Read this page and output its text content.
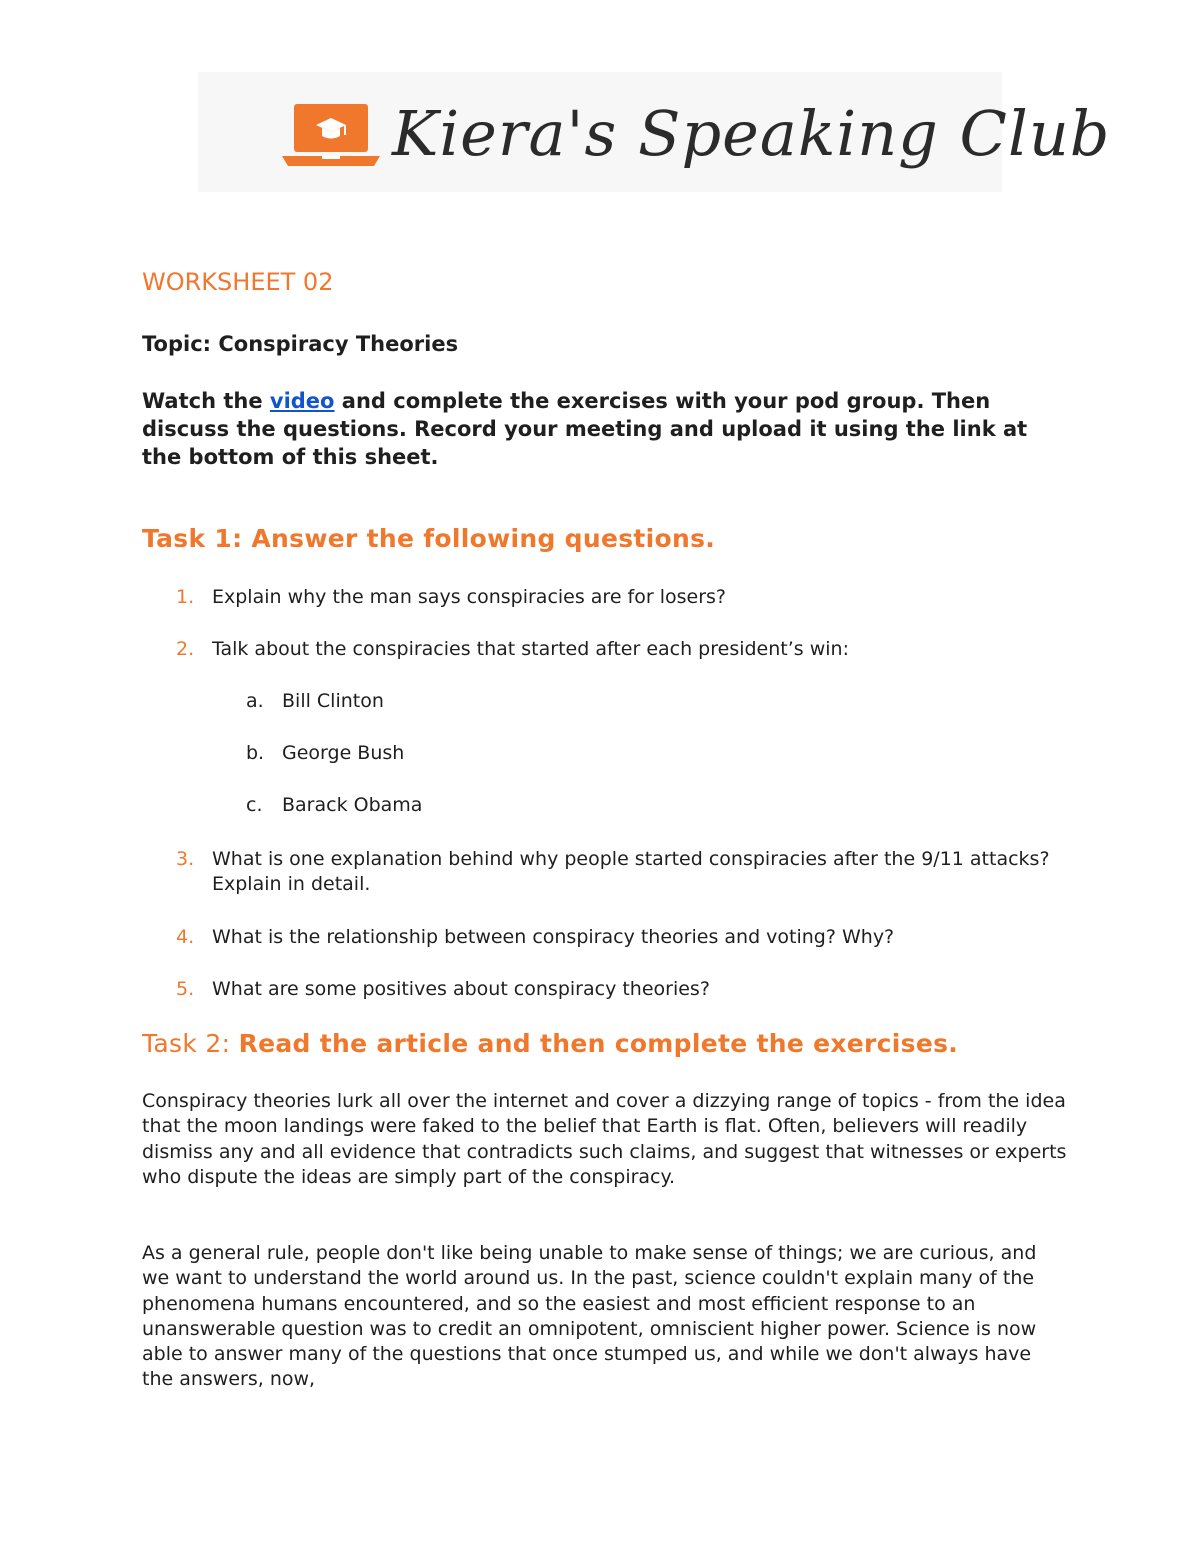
Kiera's Speaking Club
WORKSHEET 02
Topic: Conspiracy Theories
Watch the video and complete the exercises with your pod group. Then discuss the questions. Record your meeting and upload it using the link at the bottom of this sheet.
Task 1: Answer the following questions.
1. Explain why the man says conspiracies are for losers?
2. Talk about the conspiracies that started after each president’s win:
a. Bill Clinton
b. George Bush
c. Barack Obama
3. What is one explanation behind why people started conspiracies after the 9/11 attacks? Explain in detail.
4. What is the relationship between conspiracy theories and voting? Why?
5. What are some positives about conspiracy theories?
Task 2: Read the article and then complete the exercises.
Conspiracy theories lurk all over the internet and cover a dizzying range of topics - from the idea that the moon landings were faked to the belief that Earth is flat. Often, believers will readily dismiss any and all evidence that contradicts such claims, and suggest that witnesses or experts who dispute the ideas are simply part of the conspiracy.
As a general rule, people don't like being unable to make sense of things; we are curious, and we want to understand the world around us. In the past, science couldn't explain many of the phenomena humans encountered, and so the easiest and most efficient response to an unanswerable question was to credit an omnipotent, omniscient higher power. Science is now able to answer many of the questions that once stumped us, and while we don't always have the answers, now,
